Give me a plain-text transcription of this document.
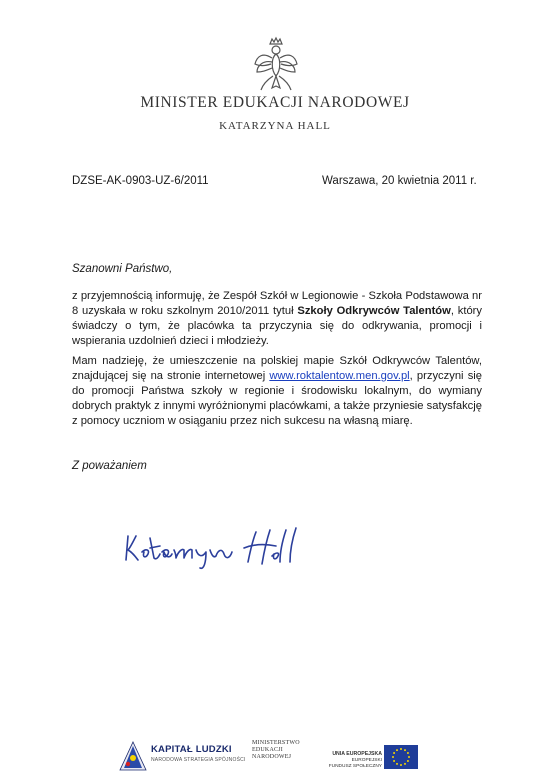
MINISTER EDUKACJI NARODOWEJ
KATARZYNA HALL
DZSE-AK-0903-UZ-6/2011	Warszawa, 20 kwietnia 2011 r.
Szanowni Państwo,
z przyjemnością informuję, że Zespół Szkół w Legionowie - Szkoła Podstawowa nr 8 uzyskała w roku szkolnym 2010/2011 tytuł Szkoły Odkrywców Talentów, który świadczy o tym, że placówka ta przyczynia się do odkrywania, promocji i wspierania uzdolnień dzieci i młodzieży.
Mam nadzieję, że umieszczenie na polskiej mapie Szkół Odkrywców Talentów, znajdującej się na stronie internetowej www.roktalentow.men.gov.pl, przyczyni się do promocji Państwa szkoły w regionie i środowisku lokalnym, do wymiany dobrych praktyk z innymi wyróżnionymi placówkami, a także przyniesie satysfakcję z pomocy uczniom w osiąganiu przez nich sukcesu na własną miarę.
Z poważaniem
KAPITAŁ LUDZKI
NARODOWA STRATEGIA SPÓJNOŚCI
MINISTERSTWO
EDUKACJI
NARODOWEJ	UNIA EUROPEJSKA
EUROPEJSKI
FUNDUSZ SPOŁECZNY
